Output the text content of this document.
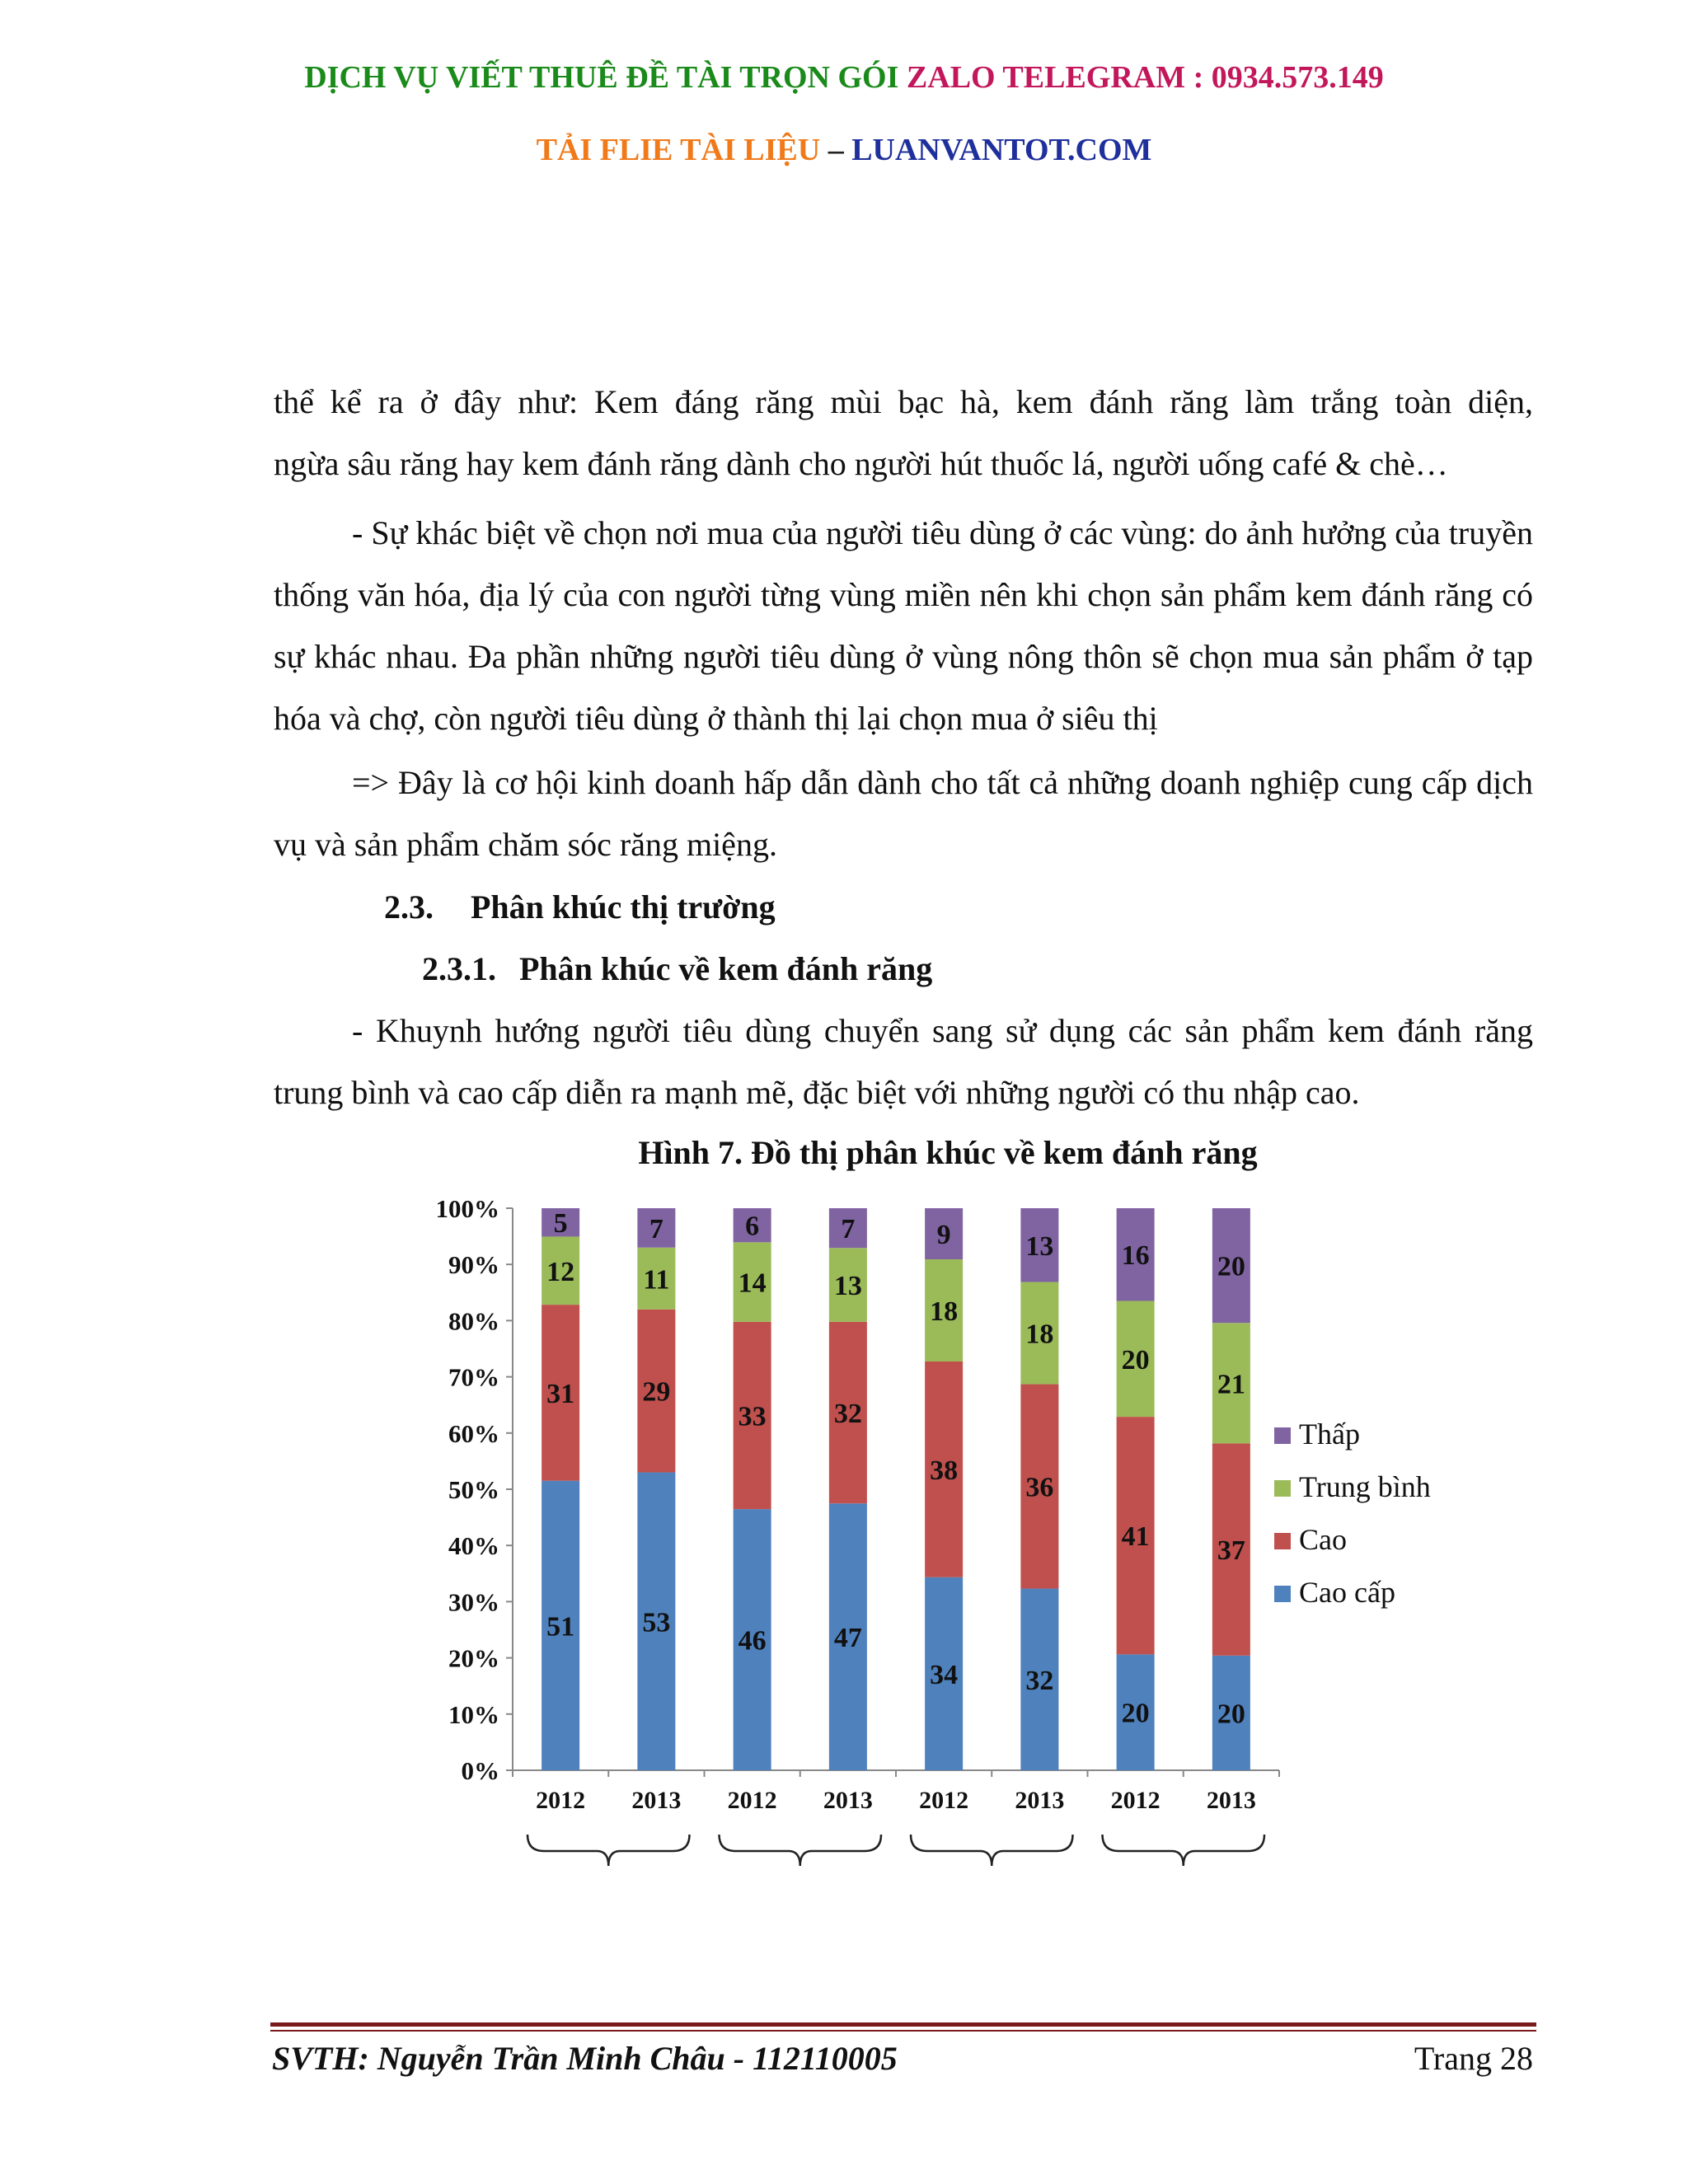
DỊCH VỤ VIẾT THUÊ ĐỀ TÀI TRỌN GÓI ZALO TELEGRAM : 0934.573.149
TẢI FLIE TÀI LIỆU – LUANVANTOT.COM

thể kể ra ở đây như: Kem đáng răng mùi bạc hà, kem đánh răng làm trắng toàn diện,

ngừa sâu răng hay kem đánh răng dành cho người hút thuốc lá, người uống café & chè…

- Sự khác biệt về chọn nơi mua của người tiêu dùng ở các vùng: do ảnh hưởng của truyền thống văn hóa, địa lý của con người từng vùng miền nên khi chọn sản phẩm kem đánh răng có sự khác nhau. Đa phần những người tiêu dùng ở vùng nông thôn sẽ chọn mua sản phẩm ở tạp hóa và chợ, còn người tiêu dùng ở thành thị lại chọn mua ở siêu thị

=> Đây là cơ hội kinh doanh hấp dẫn dành cho tất cả những doanh nghiệp cung cấp dịch vụ và sản phẩm chăm sóc răng miệng.

2.3. Phân khúc thị trường
2.3.1. Phân khúc về kem đánh răng

- Khuynh hướng người tiêu dùng chuyển sang sử dụng các sản phẩm kem đánh răng trung bình và cao cấp diễn ra mạnh mẽ, đặc biệt với những người có thu nhập cao.

Hình 7. Đồ thị phân khúc về kem đánh răng
0%
10%
20%
30%
40%
50%
60%
70%
80%
90%
100%
51
31
12
5
2012
53
29
11
7
2013
46
33
14
6
2012
47
32
13
7
2013
34
38
18
9
2012
32
36
18
13
2013
20
41
20
16
2012
20
37
21
20
2013
Thấp
Trung bình
Cao
Cao cấp
SVTH: Nguyễn Trần Minh Châu - 112110005	Trang 28
